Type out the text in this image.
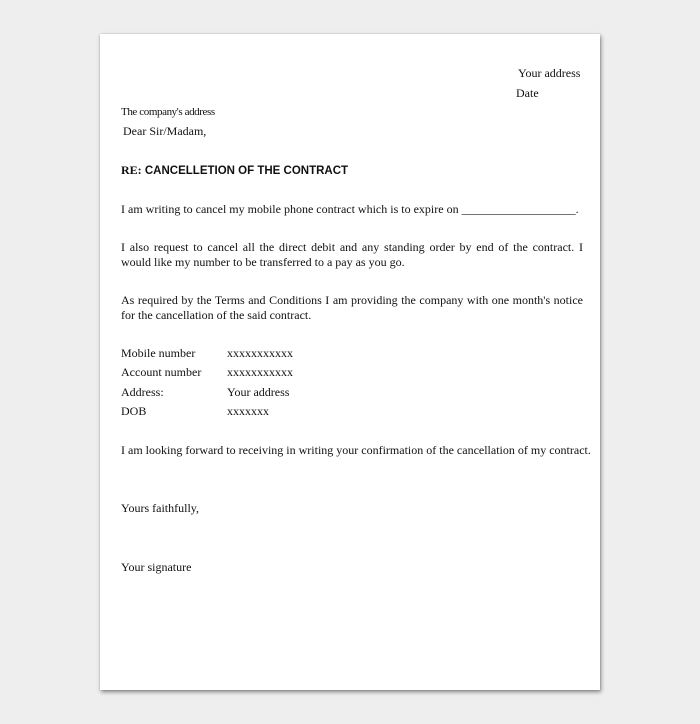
Your address
Date
The company's address
Dear Sir/Madam,
RE: CANCELLETION OF THE CONTRACT
I am writing to cancel my mobile phone contract which is to expire on ___________________.
I also request to cancel all the direct debit and any standing order by end of the contract. I would like my number to be transferred to a pay as you go.
As required by the Terms and Conditions I am providing the company with one month's notice for the cancellation of the said contract.
Mobile number	xxxxxxxxxxx
Account number xxxxxxxxxxx
Address:	Your address
DOB	xxxxxxx
I am looking forward to receiving in writing your confirmation of the cancellation of my contract.
Yours faithfully,
Your signature
